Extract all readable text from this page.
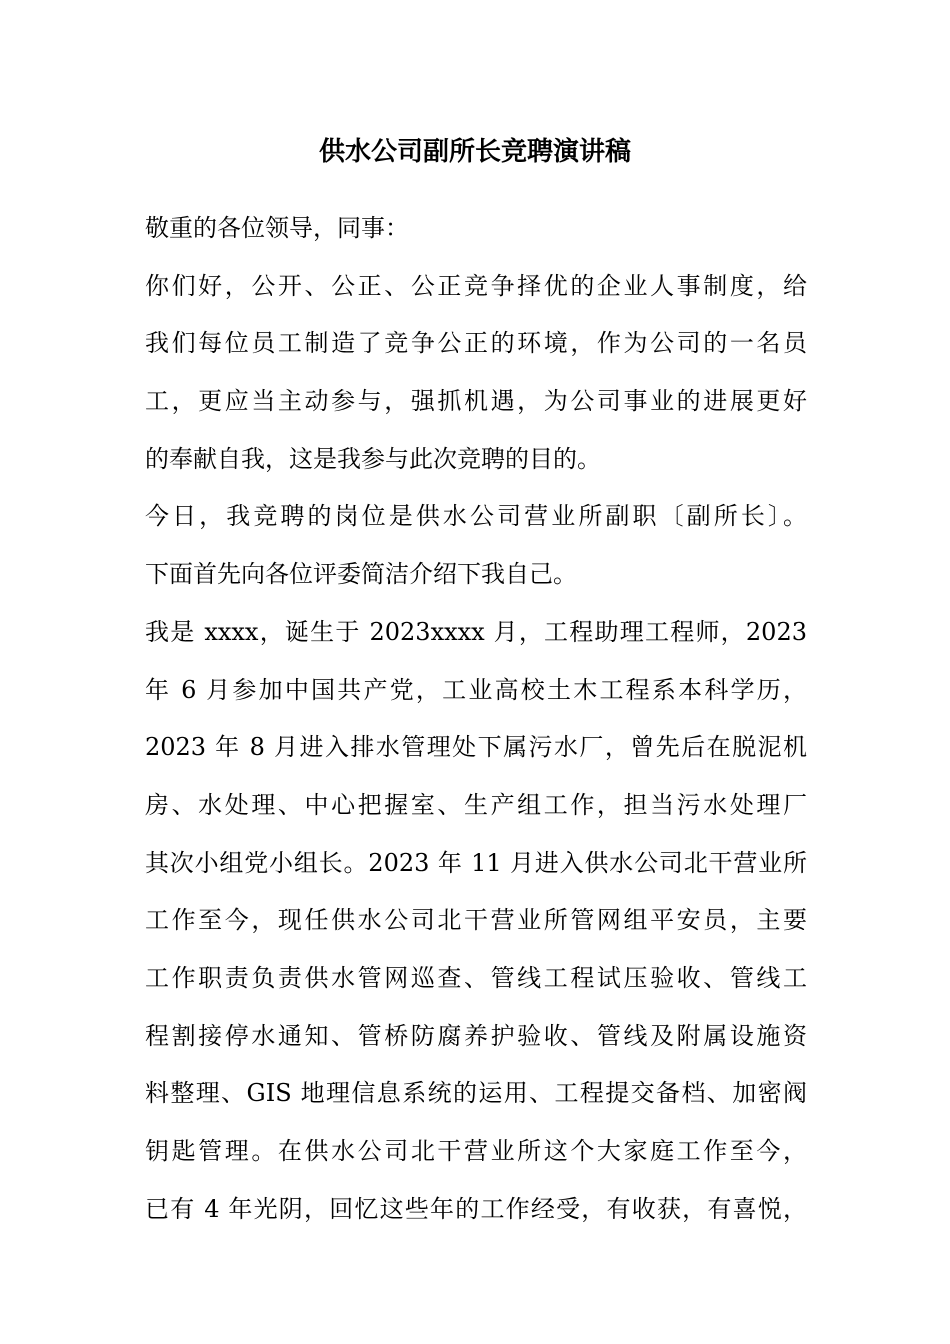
供水公司副所长竞聘演讲稿
敬重的各位领导，同事：
你们好，公开、公正、公正竞争择优的企业人事制度，给
我们每位员工制造了竞争公正的环境，作为公司的一名员
工，更应当主动参与，强抓机遇，为公司事业的进展更好
的奉献自我，这是我参与此次竞聘的目的。
今日，我竞聘的岗位是供水公司营业所副职〔副所长〕。
下面首先向各位评委简洁介绍下我自己。
我是 xxxx，诞生于 2023xxxx 月，工程助理工程师，2023
年 6 月参加中国共产党，工业高校土木工程系本科学历，
2023 年 8 月进入排水管理处下属污水厂，曾先后在脱泥机
房、水处理、中心把握室、生产组工作，担当污水处理厂
其次小组党小组长。2023 年 11 月进入供水公司北干营业所
工作至今，现任供水公司北干营业所管网组平安员，主要
工作职责负责供水管网巡查、管线工程试压验收、管线工
程割接停水通知、管桥防腐养护验收、管线及附属设施资
料整理、GIS 地理信息系统的运用、工程提交备档、加密阀
钥匙管理。在供水公司北干营业所这个大家庭工作至今，
已有 4 年光阴，回忆这些年的工作经受，有收获，有喜悦，
